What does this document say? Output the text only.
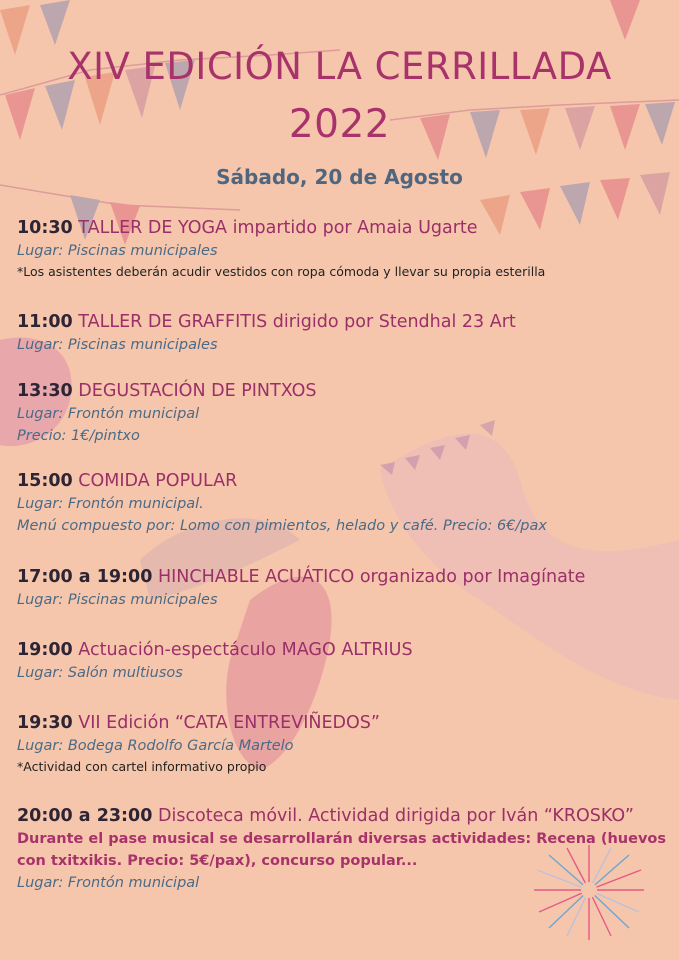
XIV EDICIÓN LA CERRILLADA
2022
Sábado, 20 de Agosto
10:30 TALLER DE YOGA impartido por Amaia Ugarte
Lugar: Piscinas municipales
*Los asistentes deberán acudir vestidos con ropa cómoda y llevar su propia esterilla
11:00 TALLER DE GRAFFITIS dirigido por Stendhal 23 Art
Lugar: Piscinas municipales
13:30 DEGUSTACIÓN DE PINTXOS
Lugar: Frontón municipal
Precio: 1€/pintxo
15:00 COMIDA POPULAR
Lugar: Frontón municipal.
Menú compuesto por: Lomo con pimientos, helado y café. Precio: 6€/pax
17:00 a 19:00 HINCHABLE ACUÁTICO organizado por Imagínate
Lugar: Piscinas municipales
19:00 Actuación-espectáculo MAGO ALTRIUS
Lugar: Salón multiusos
19:30 VII Edición “CATA ENTREVIÑEDOS”
Lugar: Bodega Rodolfo García Martelo
*Actividad con cartel informativo propio
20:00 a 23:00 Discoteca móvil. Actividad dirigida por Iván “KROSKO”
Durante el pase musical se desarrollarán diversas actividades: Recena (huevos con txitxikis. Precio: 5€/pax), concurso popular...
Lugar: Frontón municipal
